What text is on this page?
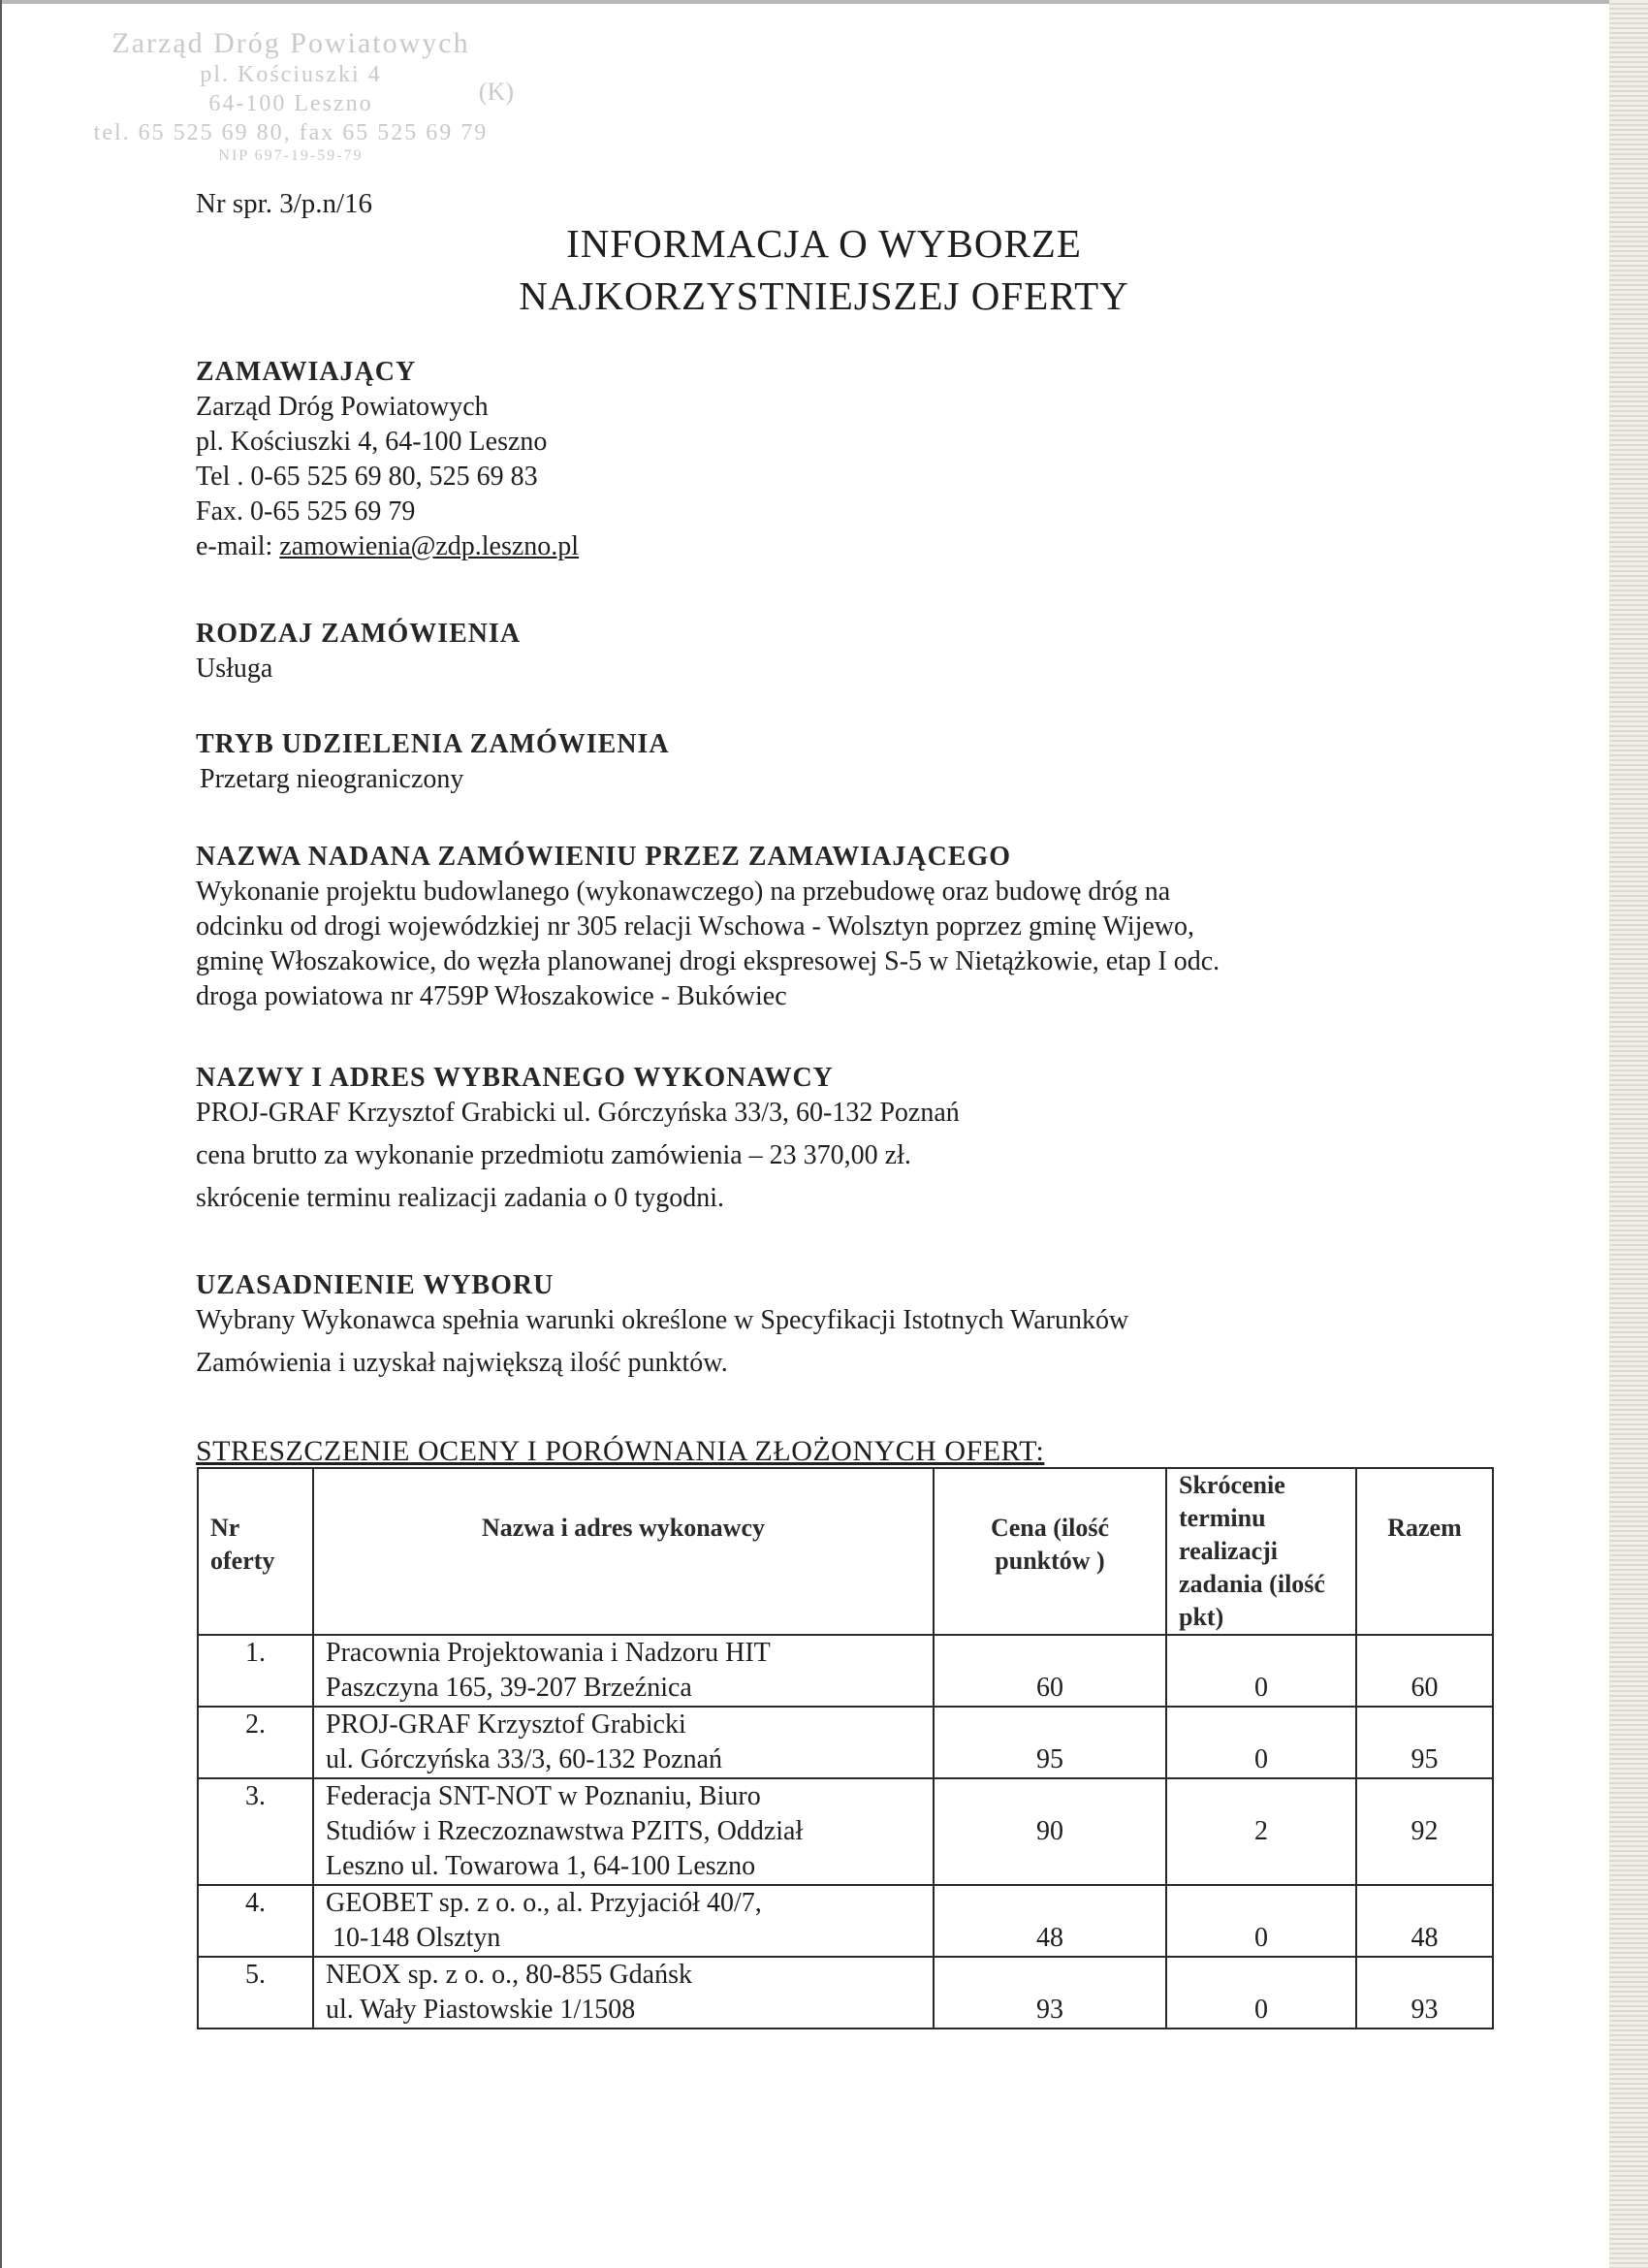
Zarząd Dróg Powiatowych
pl. Kościuszki 4
64-100 Leszno
tel. 65 525 69 80, fax 65 525 69 79
NIP 697-19-59-79
(K)
Nr spr. 3/p.n/16
INFORMACJA O WYBORZE
NAJKORZYSTNIEJSZEJ OFERTY
ZAMAWIAJĄCY

Zarząd Dróg Powiatowych

pl. Kościuszki 4, 64-100 Leszno

Tel . 0-65 525 69 80, 525 69 83

Fax. 0-65 525 69 79

e-mail: zamowienia@zdp.leszno.pl

RODZAJ ZAMÓWIENIA

Usługa

TRYB UDZIELENIA ZAMÓWIENIA

Przetarg nieograniczony

NAZWA NADANA ZAMÓWIENIU PRZEZ ZAMAWIAJĄCEGO

Wykonanie projektu budowlanego (wykonawczego) na przebudowę oraz budowę dróg na

odcinku od drogi wojewódzkiej nr 305 relacji Wschowa - Wolsztyn poprzez gminę Wijewo,

gminę Włoszakowice, do węzła planowanej drogi ekspresowej S-5 w Nietążkowie, etap I odc.

droga powiatowa nr 4759P Włoszakowice - Bukówiec

NAZWY I ADRES WYBRANEGO WYKONAWCY

PROJ-GRAF Krzysztof Grabicki ul. Górczyńska 33/3, 60-132 Poznań

cena brutto za wykonanie przedmiotu zamówienia – 23 370,00 zł.

skrócenie terminu realizacji zadania o 0 tygodni.

UZASADNIENIE WYBORU

Wybrany Wykonawca spełnia warunki określone w Specyfikacji Istotnych Warunków

Zamówienia i uzyskał największą ilość punktów.

STRESZCZENIE OCENY I PORÓWNANIA ZŁOŻONYCH OFERT:
Nr oferty	Nazwa i adres wykonawcy	Cena (ilość punktów )	Skrócenie terminu realizacji zadania (ilość pkt)	Razem
1.	Pracownia Projektowania i Nadzoru HIT
Paszczyna 165, 39-207 Brzeźnica	60	0	60
2.	PROJ-GRAF Krzysztof Grabicki
ul. Górczyńska 33/3, 60-132 Poznań	95	0	95
3.	Federacja SNT-NOT w Poznaniu, Biuro
Studiów i Rzeczoznawstwa PZITS, Oddział
Leszno ul. Towarowa 1, 64-100 Leszno	90	2	92
4.	GEOBET sp. z o. o., al. Przyjaciół 40/7,
10-148 Olsztyn	48	0	48
5.	NEOX sp. z o. o., 80-855 Gdańsk
ul. Wały Piastowskie 1/1508	93	0	93
